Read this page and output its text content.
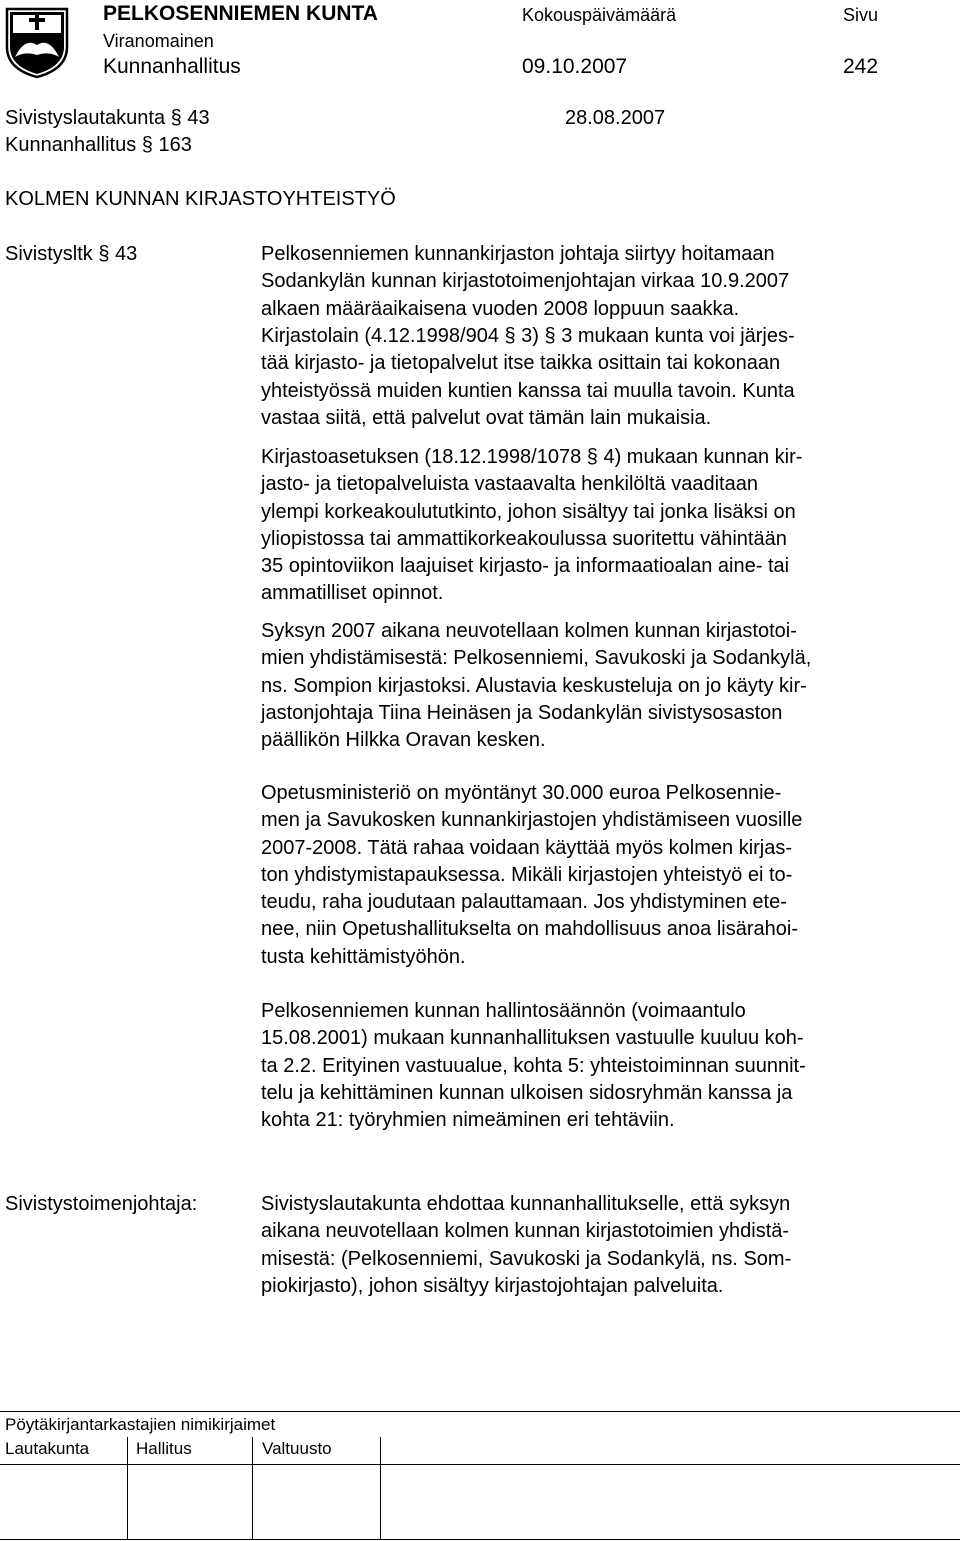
PELKOSENNIEMEN KUNTA
Viranomainen
Kunnanhallitus
Kokouspäivämäärä
09.10.2007
Sivu
242
Sivistyslautakunta § 43	28.08.2007
Kunnanhallitus § 163
KOLMEN KUNNAN KIRJASTOYHTEISTYÖ
Sivistysltk § 43	Pelkosenniemen kunnankirjaston johtaja siirtyy hoitamaan
Sodankylän kunnan kirjastotoimenjohtajan virkaa 10.9.2007
alkaen määräaikaisena vuoden 2008 loppuun saakka.
Kirjastolain (4.12.1998/904 § 3) § 3 mukaan kunta voi järjes-
tää kirjasto- ja tietopalvelut itse taikka osittain tai kokonaan
yhteistyössä muiden kuntien kanssa tai muulla tavoin. Kunta
vastaa siitä, että palvelut ovat tämän lain mukaisia.
Kirjastoasetuksen (18.12.1998/1078 § 4) mukaan kunnan kir-
jasto- ja tietopalveluista vastaavalta henkilöltä vaaditaan
ylempi korkeakoulututkinto, johon sisältyy tai jonka lisäksi on
yliopistossa tai ammattikorkeakoulussa suoritettu vähintään
35 opintoviikon laajuiset kirjasto- ja informaatioalan aine- tai
ammatilliset opinnot.
Syksyn 2007 aikana neuvotellaan kolmen kunnan kirjastotoi-
mien yhdistämisestä: Pelkosenniemi, Savukoski ja Sodankylä,
ns. Sompion kirjastoksi. Alustavia keskusteluja on jo käyty kir-
jastonjohtaja Tiina Heinäsen ja Sodankylän sivistysosaston
päällikön Hilkka Oravan kesken.
Opetusministeriö on myöntänyt 30.000 euroa Pelkosennie-
men ja Savukosken kunnankirjastojen yhdistämiseen vuosille
2007-2008. Tätä rahaa voidaan käyttää myös kolmen kirjas-
ton yhdistymistapauksessa. Mikäli kirjastojen yhteistyö ei to-
teudu, raha joudutaan palauttamaan. Jos yhdistyminen ete-
nee, niin Opetushallitukselta on mahdollisuus anoa lisärahoi-
tusta kehittämistyöhön.
Pelkosenniemen kunnan hallintosäännön (voimaantulo
15.08.2001) mukaan kunnanhallituksen vastuulle kuuluu koh-
ta 2.2. Erityinen vastuualue, kohta 5: yhteistoiminnan suunnit-
telu ja kehittäminen kunnan ulkoisen sidosryhmän kanssa ja
kohta 21: työryhmien nimeäminen eri tehtäviin.
Sivistystoimenjohtaja:	Sivistyslautakunta ehdottaa kunnanhallitukselle, että syksyn
aikana neuvotellaan kolmen kunnan kirjastotoimien yhdistä-
misestä: (Pelkosenniemi, Savukoski ja Sodankylä, ns. Som-
piokirjasto), johon sisältyy kirjastojohtajan palveluita.
Pöytäkirjantarkastajien nimikirjaimet
Lautakunta	Hallitus	Valtuusto
